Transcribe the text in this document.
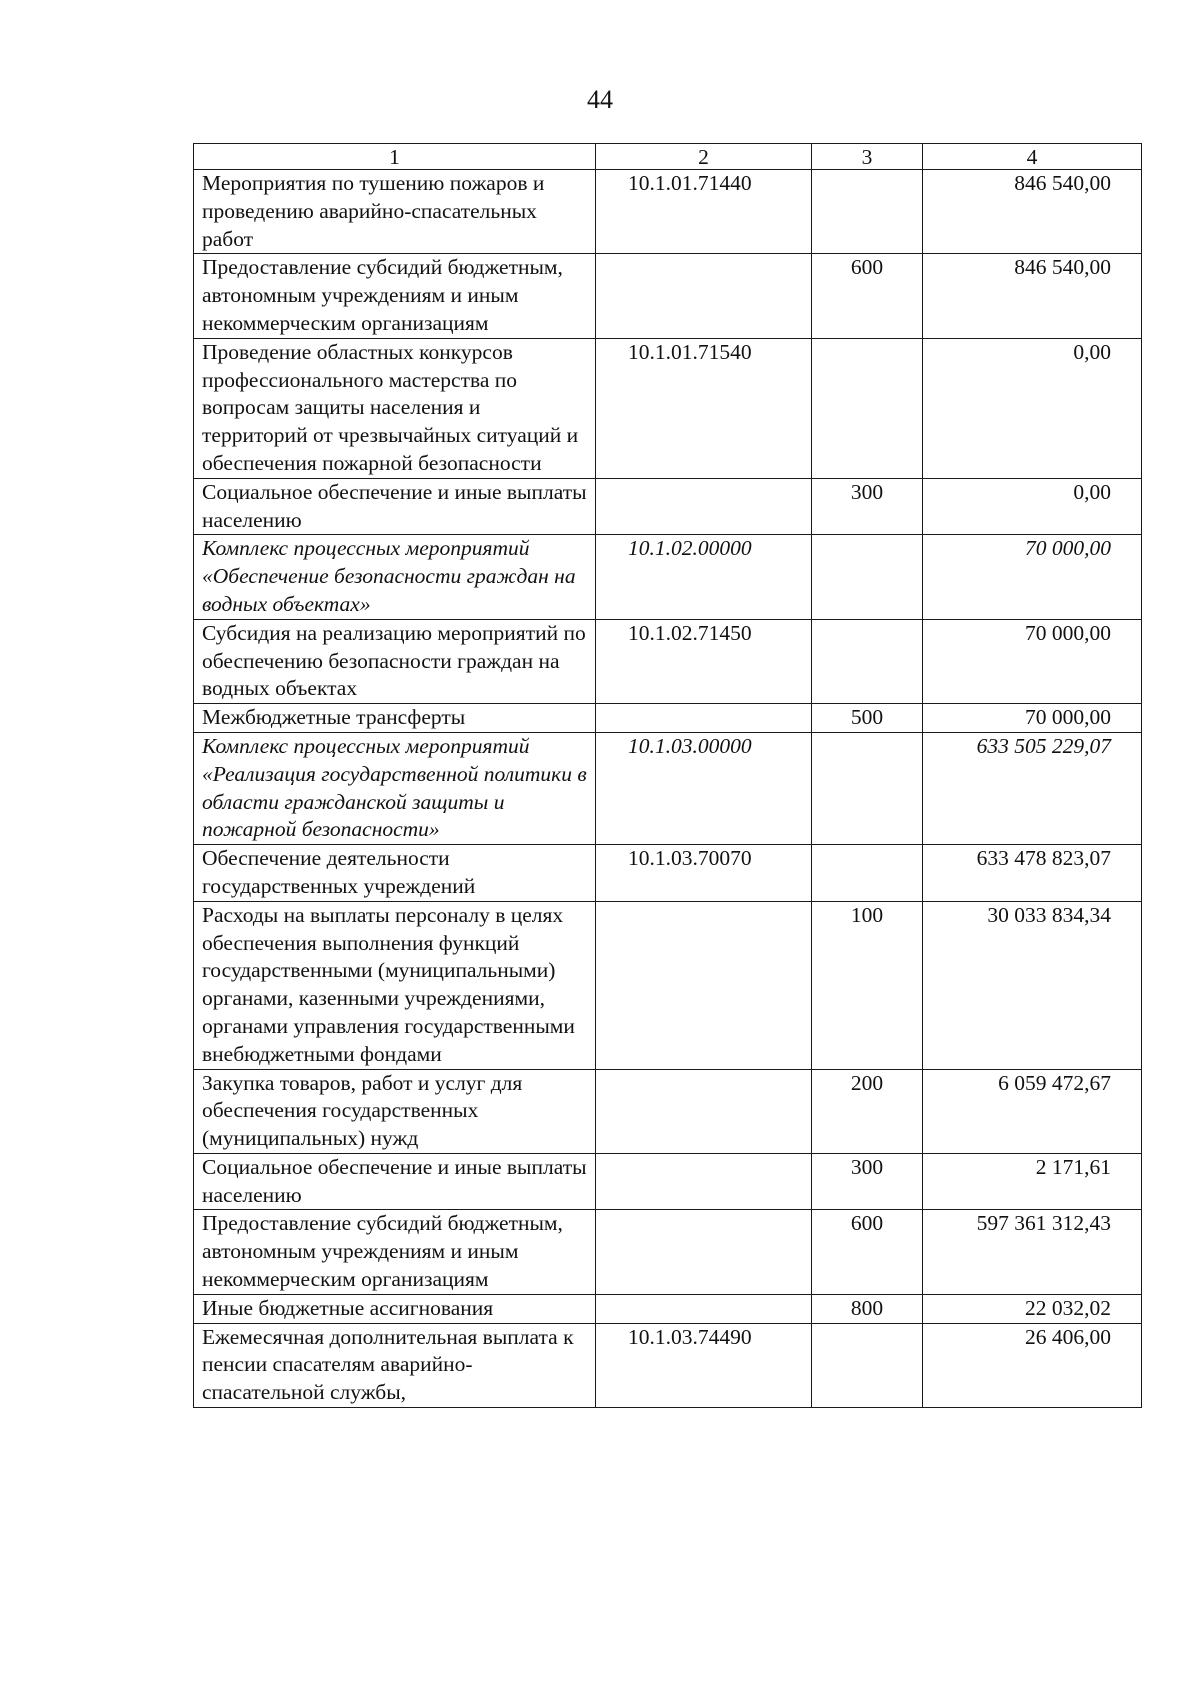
44
1	2	3	4
Мероприятия по тушению пожаров и проведению аварийно-спасательных работ	10.1.01.71440		846 540,00
Предоставление субсидий бюджетным, автономным учреждениям и иным некоммерческим организациям		600	846 540,00
Проведение областных конкурсов профессионального мастерства по вопросам защиты населения и территорий от чрезвычайных ситуаций и обеспечения пожарной безопасности	10.1.01.71540		0,00
Социальное обеспечение и иные выплаты населению		300	0,00
Комплекс процессных мероприятий «Обеспечение безопасности граждан на водных объектах»	10.1.02.00000		70 000,00
Субсидия на реализацию мероприятий по обеспечению безопасности граждан на водных объектах	10.1.02.71450		70 000,00
Межбюджетные трансферты		500	70 000,00
Комплекс процессных мероприятий «Реализация государственной политики в области гражданской защиты и пожарной безопасности»	10.1.03.00000		633 505 229,07
Обеспечение деятельности государственных учреждений	10.1.03.70070		633 478 823,07
Расходы на выплаты персоналу в целях обеспечения выполнения функций государственными (муниципальными) органами, казенными учреждениями, органами управления государственными внебюджетными фондами		100	30 033 834,34
Закупка товаров, работ и услуг для обеспечения государственных (муниципальных) нужд		200	6 059 472,67
Социальное обеспечение и иные выплаты населению		300	2 171,61
Предоставление субсидий бюджетным, автономным учреждениям и иным некоммерческим организациям		600	597 361 312,43
Иные бюджетные ассигнования		800	22 032,02
Ежемесячная дополнительная выплата к пенсии спасателям аварийно-спасательной службы,	10.1.03.74490		26 406,00
